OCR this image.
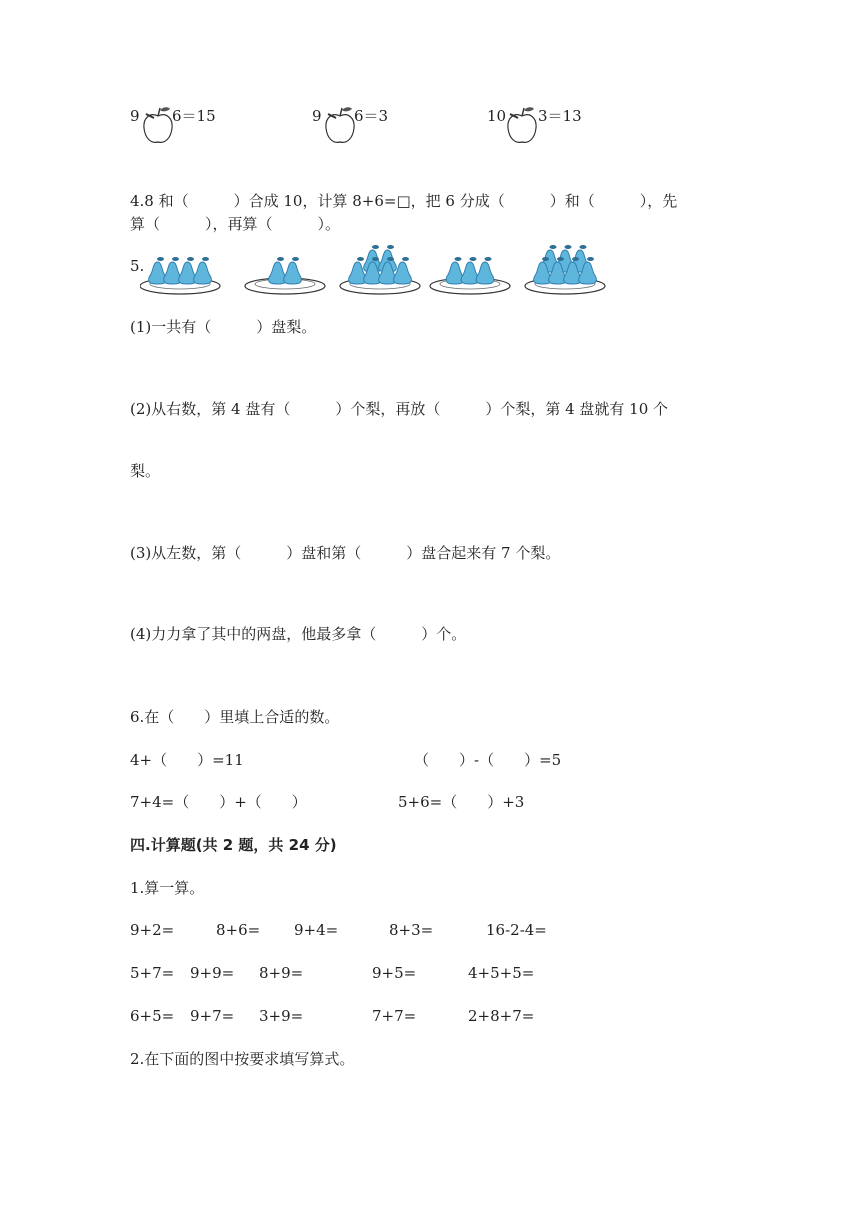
9 6＝15	9 6＝3	10 3＝13
4.8 和（　　　）合成 10，计算 8+6=□，把 6 分成（　　　）和（　　　），先
算（　　　），再算（　　　）。
5.
(1)一共有（　　　）盘梨。
(2)从右数，第 4 盘有（　　　）个梨，再放（　　　）个梨，第 4 盘就有 10 个
梨。
(3)从左数，第（　　　）盘和第（　　　）盘合起来有 7 个梨。
(4)力力拿了其中的两盘，他最多拿（　　　）个。
6.在（　　）里填上合适的数。
4+（　　）=11	（　　）-（　　）=5
7+4=（　　）+（　　）	5+6=（　　）+3
四.计算题(共 2 题，共 24 分)
1.算一算。
9+2=	8+6= 9+4=	8+3=	16-2-4=
5+7= 9+9= 8+9=	9+5=	4+5+5=
6+5= 9+7= 3+9=	7+7=	2+8+7=
2.在下面的图中按要求填写算式。
